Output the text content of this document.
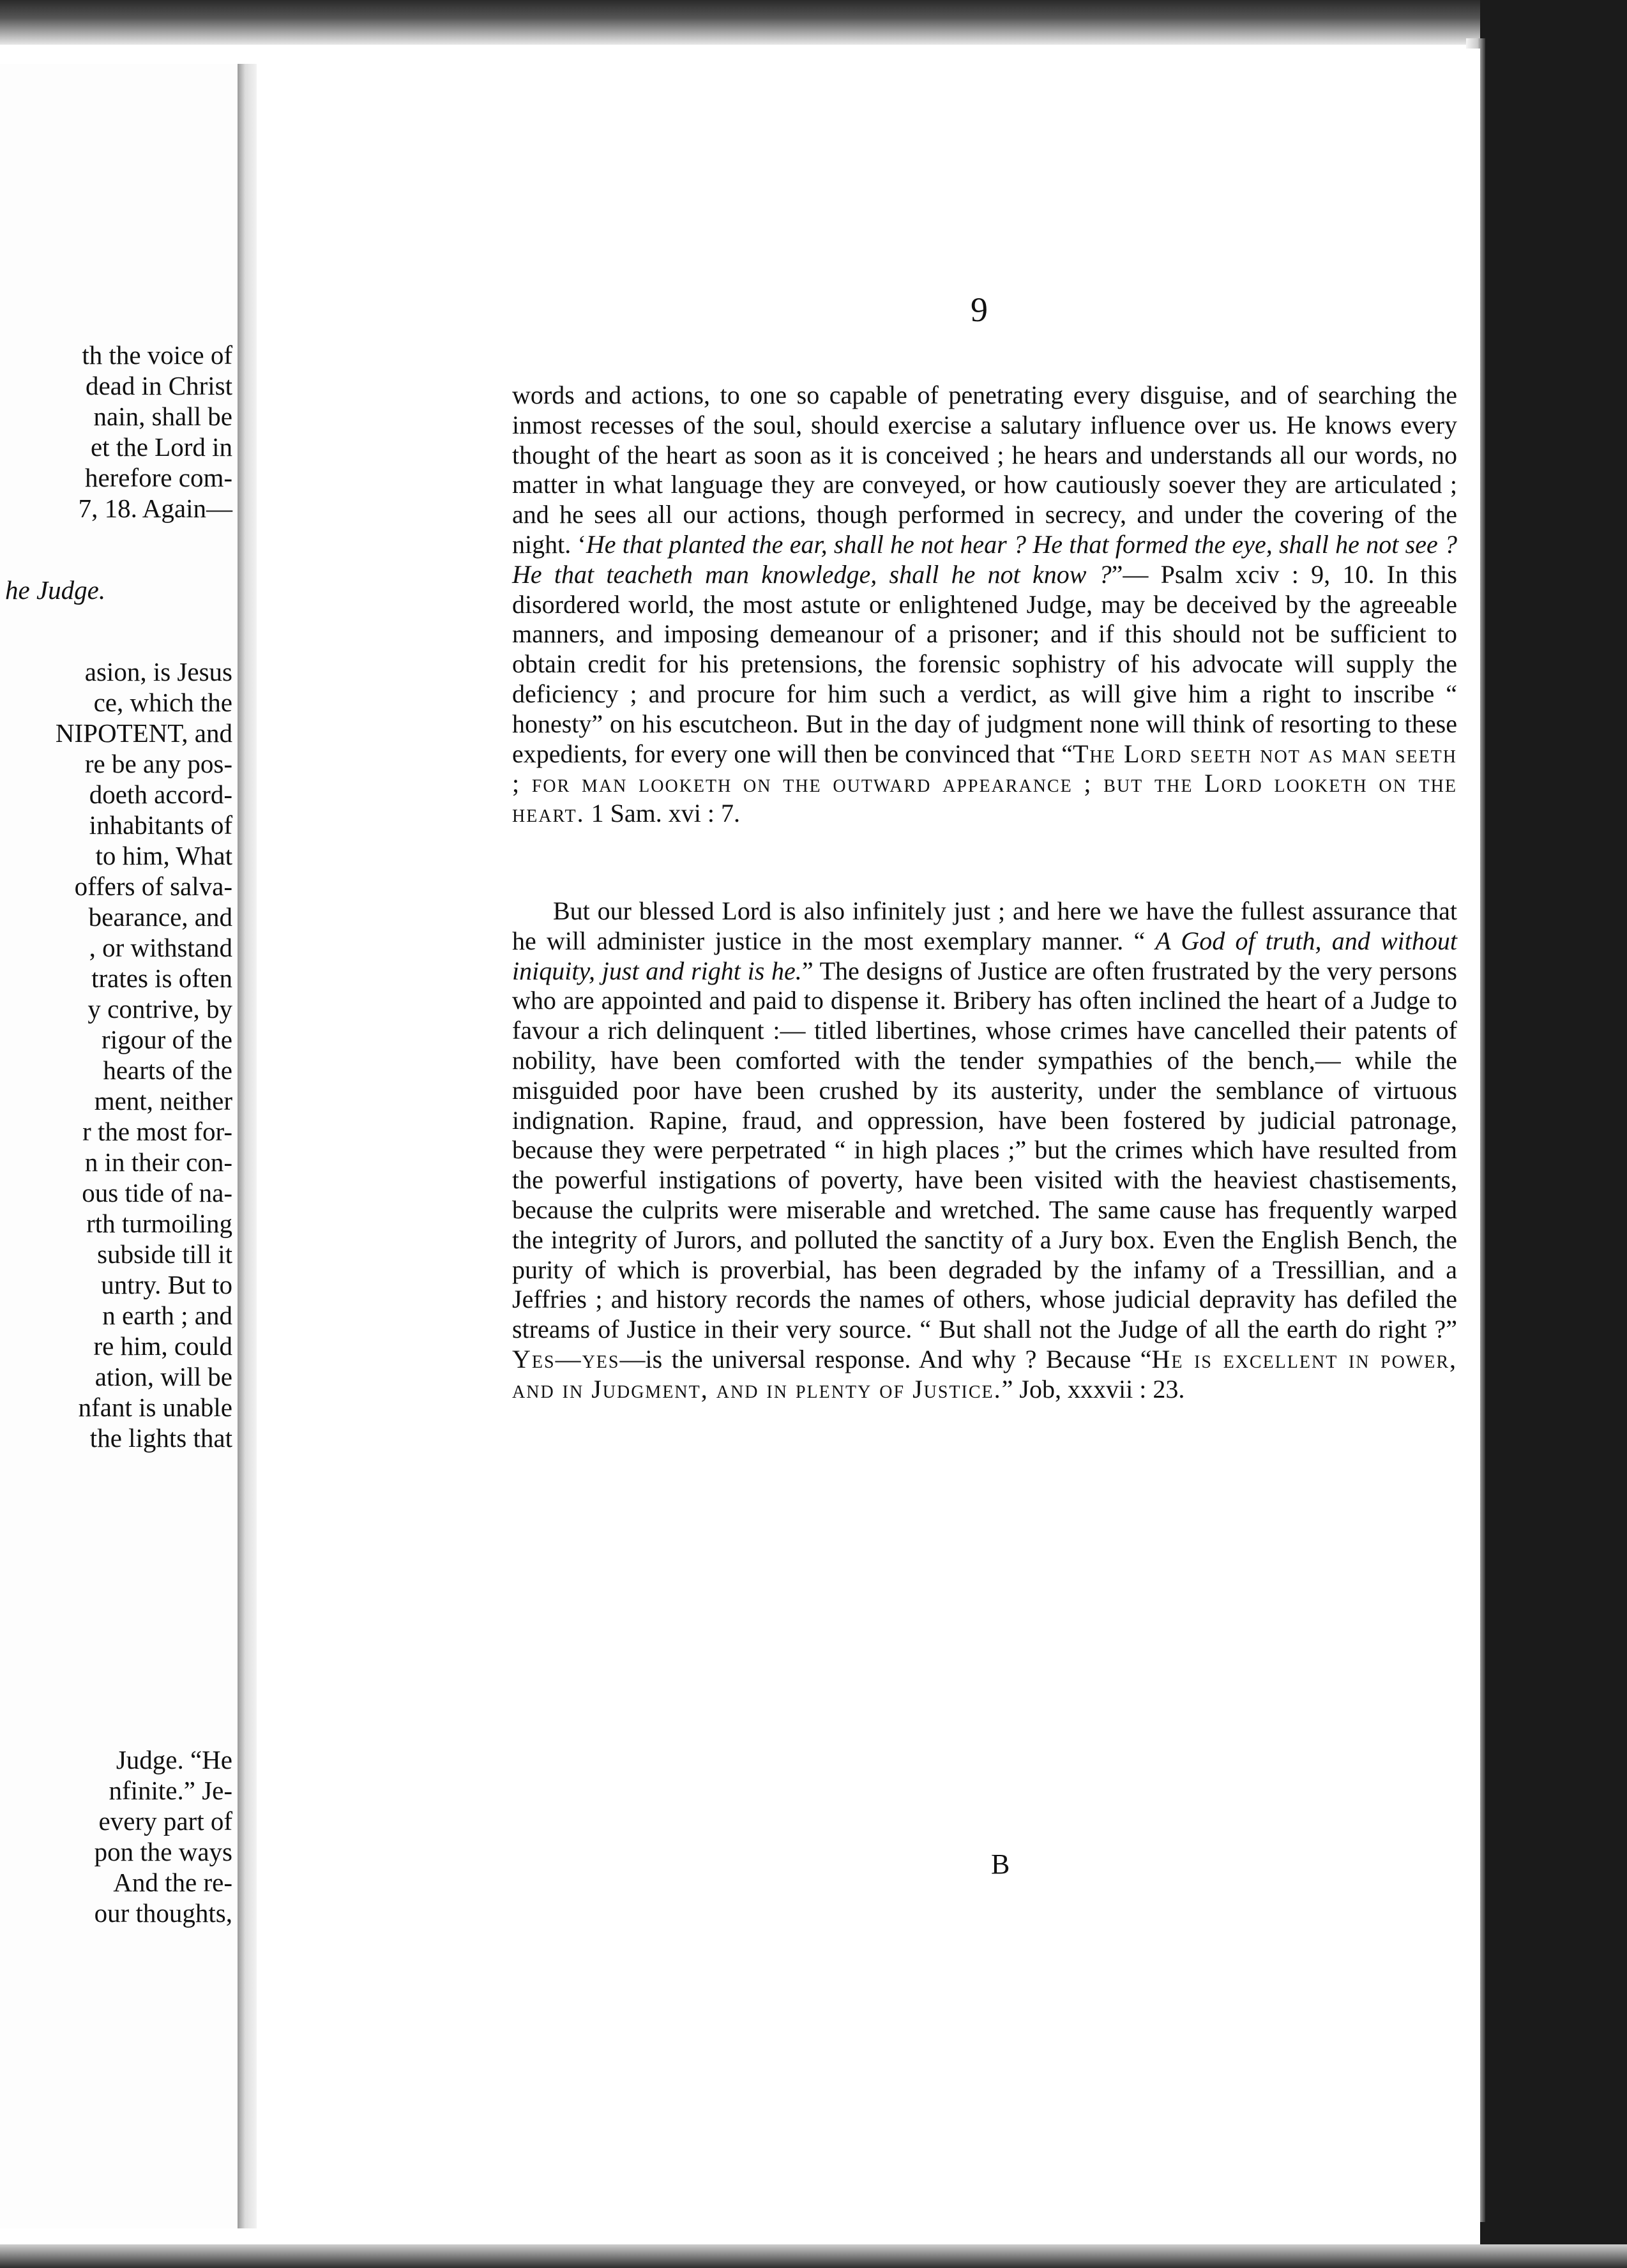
th the voice of
dead in Christ
nain, shall be
et the Lord in
herefore com-
7, 18. Again—
he Judge.
asion, is Jesus
ce, which the
NIPOTENT, and
re be any pos-
doeth accord-
inhabitants of
to him, What
offers of salva-
bearance, and
, or withstand
trates is often
y contrive, by
rigour of the
hearts of the
ment, neither
r the most for-
n in their con-
ous tide of na-
rth turmoiling
subside till it
untry. But to
n earth ; and
re him, could
ation, will be
nfant is unable
the lights that
Judge. “He
nfinite.” Je-
every part of
pon the ways
And the re-
our thoughts,
9

words and actions, to one so capable of penetrating every disguise, and of searching the inmost recesses of the soul, should exercise a salutary influence over us. He knows every thought of the heart as soon as it is conceived ; he hears and understands all our words, no matter in what language they are conveyed, or how cautiously soever they are articulated ; and he sees all our actions, though performed in secrecy, and under the covering of the night. ‘He that planted the ear, shall he not hear ? He that formed the eye, shall he not see ? He that teacheth man knowledge, shall he not know ?”— Psalm xciv : 9, 10. In this disordered world, the most astute or enlightened Judge, may be deceived by the agreeable manners, and imposing demeanour of a prisoner; and if this should not be sufficient to obtain credit for his pretensions, the forensic sophistry of his advocate will supply the deficiency ; and procure for him such a verdict, as will give him a right to inscribe “ honesty” on his escutcheon. But in the day of judgment none will think of resorting to these expedients, for every one will then be convinced that “The Lord seeth not as man seeth ; for man looketh on the outward appearance ; but the Lord looketh on the heart. 1 Sam. xvi : 7.

But our blessed Lord is also infinitely just ; and here we have the fullest assurance that he will administer justice in the most exemplary manner. “ A God of truth, and without iniquity, just and right is he.” The designs of Justice are often frustrated by the very persons who are appointed and paid to dispense it. Bribery has often inclined the heart of a Judge to favour a rich delinquent :— titled libertines, whose crimes have cancelled their patents of nobility, have been comforted with the tender sympathies of the bench,— while the misguided poor have been crushed by its austerity, under the semblance of virtuous indignation. Rapine, fraud, and oppression, have been fostered by judicial patronage, because they were perpetrated “ in high places ;” but the crimes which have resulted from the powerful instigations of poverty, have been visited with the heaviest chastisements, because the culprits were miserable and wretched. The same cause has frequently warped the integrity of Jurors, and polluted the sanctity of a Jury box. Even the English Bench, the purity of which is proverbial, has been degraded by the infamy of a Tressillian, and a Jeffries ; and history records the names of others, whose judicial depravity has defiled the streams of Justice in their very source. “ But shall not the Judge of all the earth do right ?” Yes—yes—is the universal response. And why ? Because “He is excellent in power, and in Judgment, and in plenty of Justice.” Job, xxxvii : 23.

B
